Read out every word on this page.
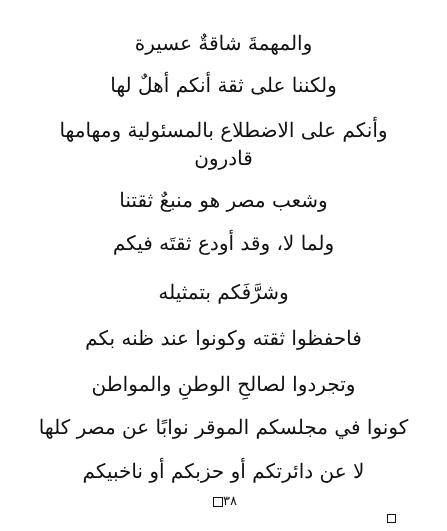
والمهمةَ شاقةٌ عسيرة
ولكننا على ثقة أنكم أهلٌ لها
وأنكم على الاضطلاع بالمسئولية ومهامها
قادرون
وشعب مصر هو منبعٌ ثقتنا
ولما لا، وقد أودع ثقتَه فيكم
وشرَّفَكم بتمثيله
فاحفظوا ثقته وكونوا عند ظنه بكم
وتجردوا لصالحِ الوطنِ والمواطن
كونوا في مجلسكم الموقر نوابًا عن مصر كلها
لا عن دائرتكم أو حزبكم أو ناخبيكم
٣٨
